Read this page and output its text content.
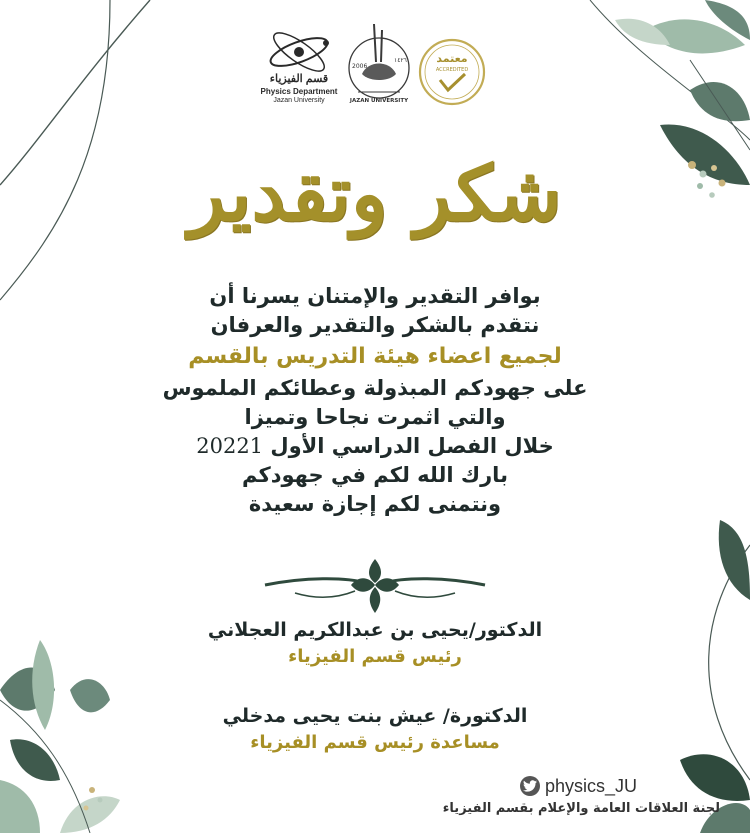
قسم الفيزياء
Physics Department
Jazan University
2006
١٤٢٦
JAZAN UNIVERSITY
معتمد
ACCREDITED
شكر وتقدير

بوافر التقدير والإمتنان يسرنا أن

نتقدم بالشكر والتقدير والعرفان

لجميع اعضاء هيئة التدريس بالقسم

على جهودكم المبذولة وعطائكم الملموس

والتي اثمرت نجاحا وتميزا

خلال الفصل الدراسي الأول 20221

بارك الله لكم في جهودكم

ونتمنى لكم إجازة سعيدة

الدكتور/يحيى بن عبدالكريم العجلاني

رئيس قسم الفيزياء

الدكتورة/ عيش بنت يحيى مدخلي

مساعدة رئيس قسم الفيزياء

physics_JU
لجنة العلاقات العامة والإعلام بقسم الفيزياء
